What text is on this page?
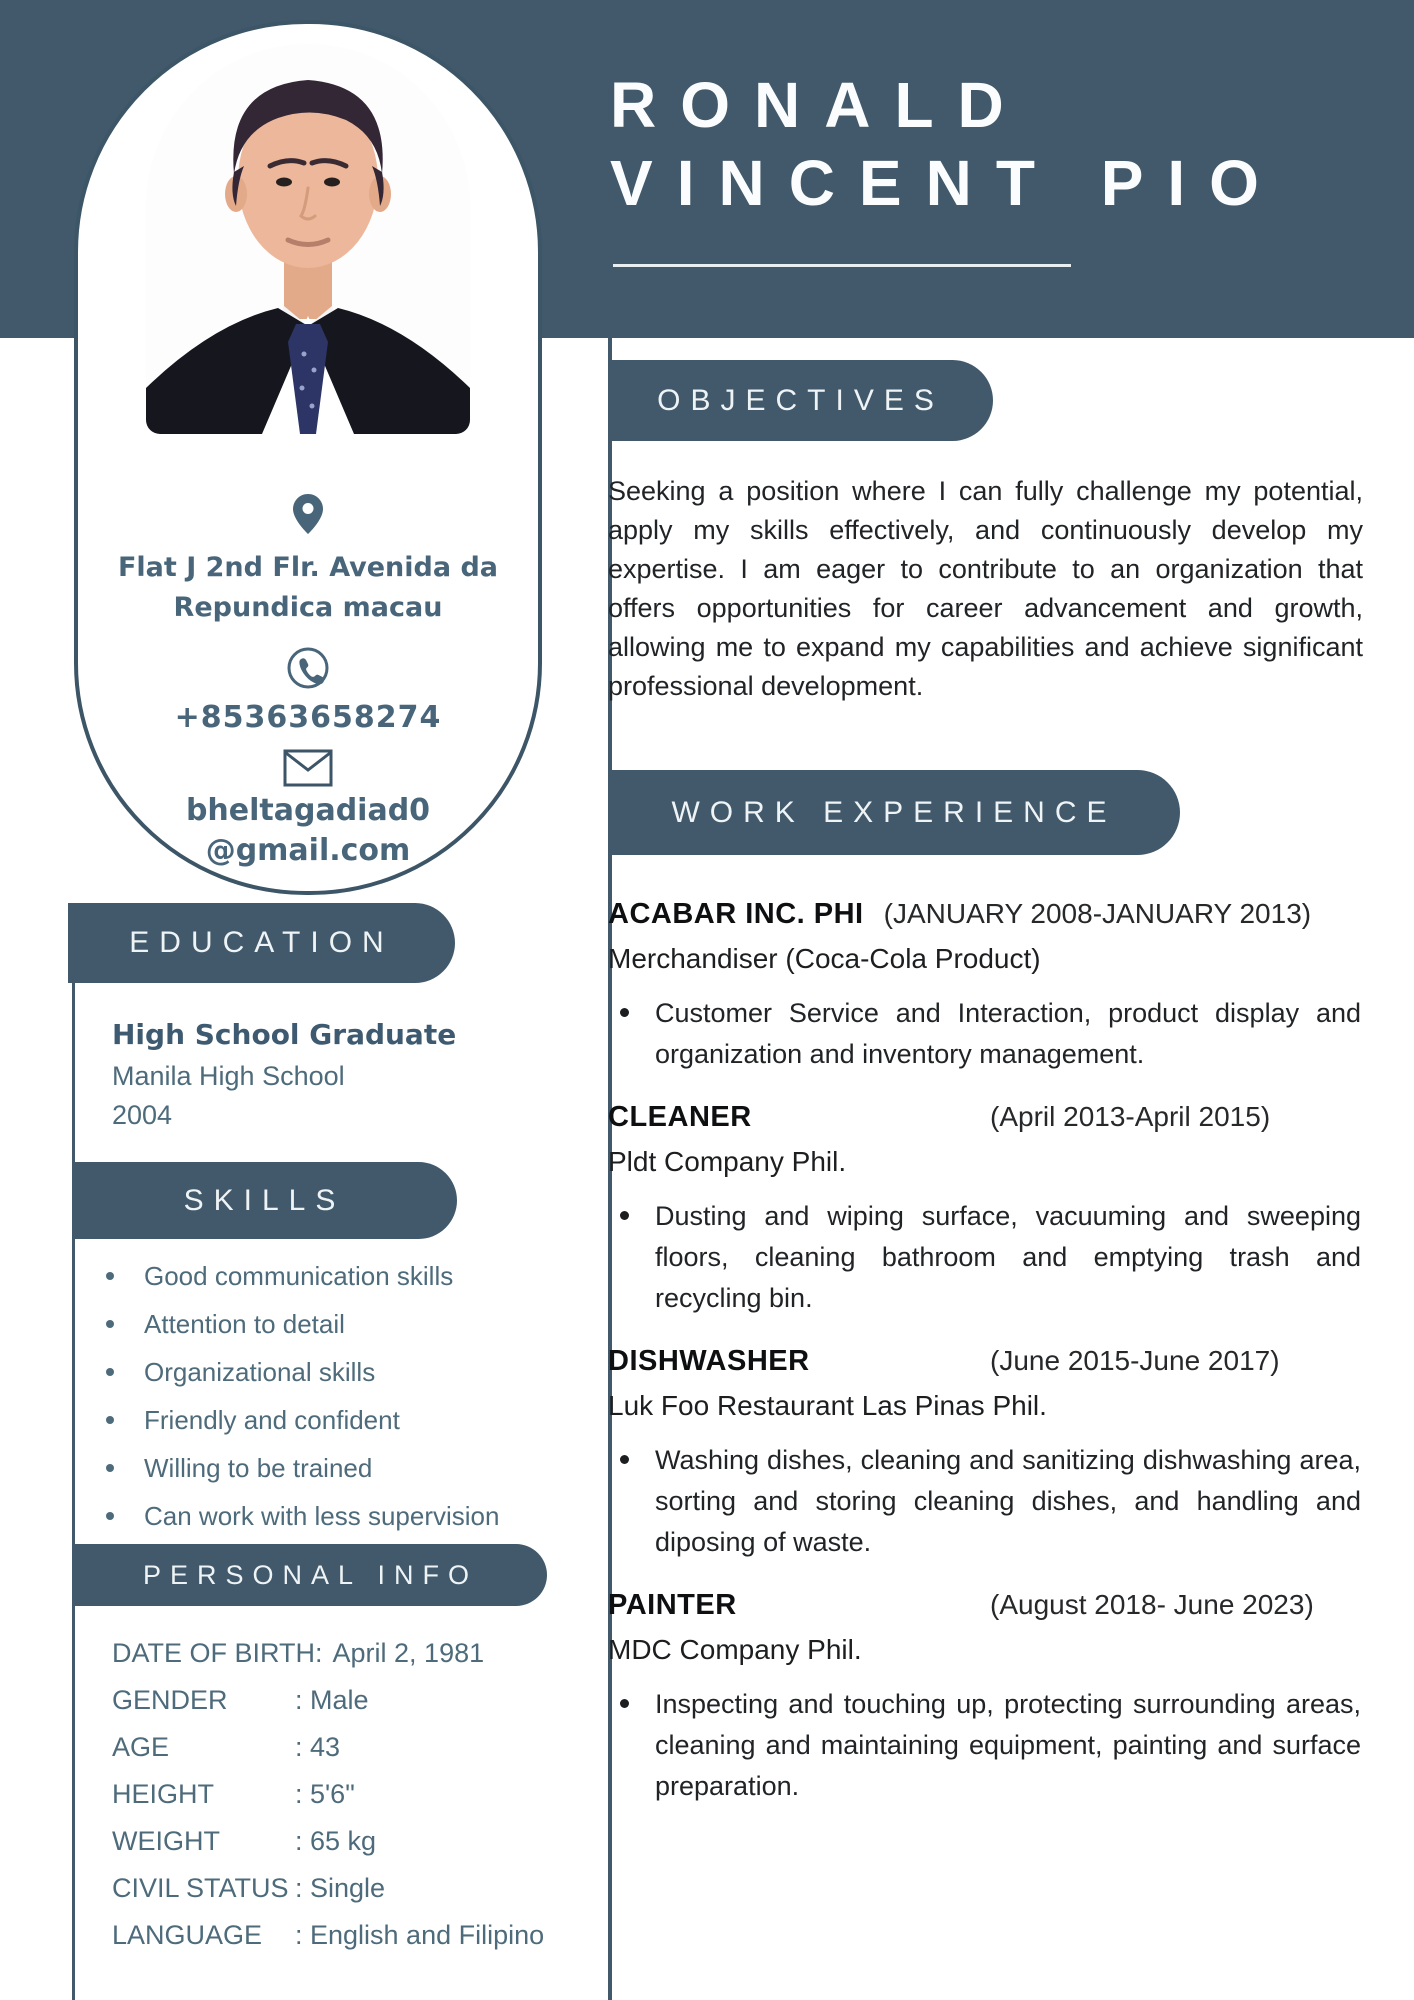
RONALD
VINCENT PIO
Flat J 2nd Flr. Avenida da
Repundica macau
+85363658274
bheltagadiad0
@gmail.com
OBJECTIVES
WORK EXPERIENCE
EDUCATION
SKILLS
PERSONAL INFO
Seeking a position where I can fully challenge my potential, apply my skills effectively, and continuously develop my expertise. I am eager to contribute to an organization that offers opportunities for career advancement and growth, allowing me to expand my capabilities and achieve significant professional development.
ACABAR INC. PHI (JANUARY 2008-JANUARY 2013)
Merchandiser (Coca-Cola Product)
Customer Service and Interaction, product display and organization and inventory management.
CLEANER	(April 2013-April 2015)
Pldt Company Phil.
Dusting and wiping surface, vacuuming and sweeping floors, cleaning bathroom and emptying trash and recycling bin.
DISHWASHER	(June 2015-June 2017)
Luk Foo Restaurant Las Pinas Phil.
Washing dishes, cleaning and sanitizing dishwashing area, sorting and storing cleaning dishes, and handling and diposing of waste.
PAINTER	(August 2018- June 2023)
MDC Company Phil.
Inspecting and touching up, protecting surrounding areas, cleaning and maintaining equipment, painting and surface preparation.
High School Graduate
Manila High School
2004
Good communication skills
Attention to detail
Organizational skills
Friendly and confident
Willing to be trained
Can work with less supervision
DATE OF BIRTH: April 2, 1981
GENDER	: Male
AGE	: 43
HEIGHT	: 5'6"
WEIGHT	: 65 kg
CIVIL STATUS : Single
LANGUAGE	: English and Filipino
